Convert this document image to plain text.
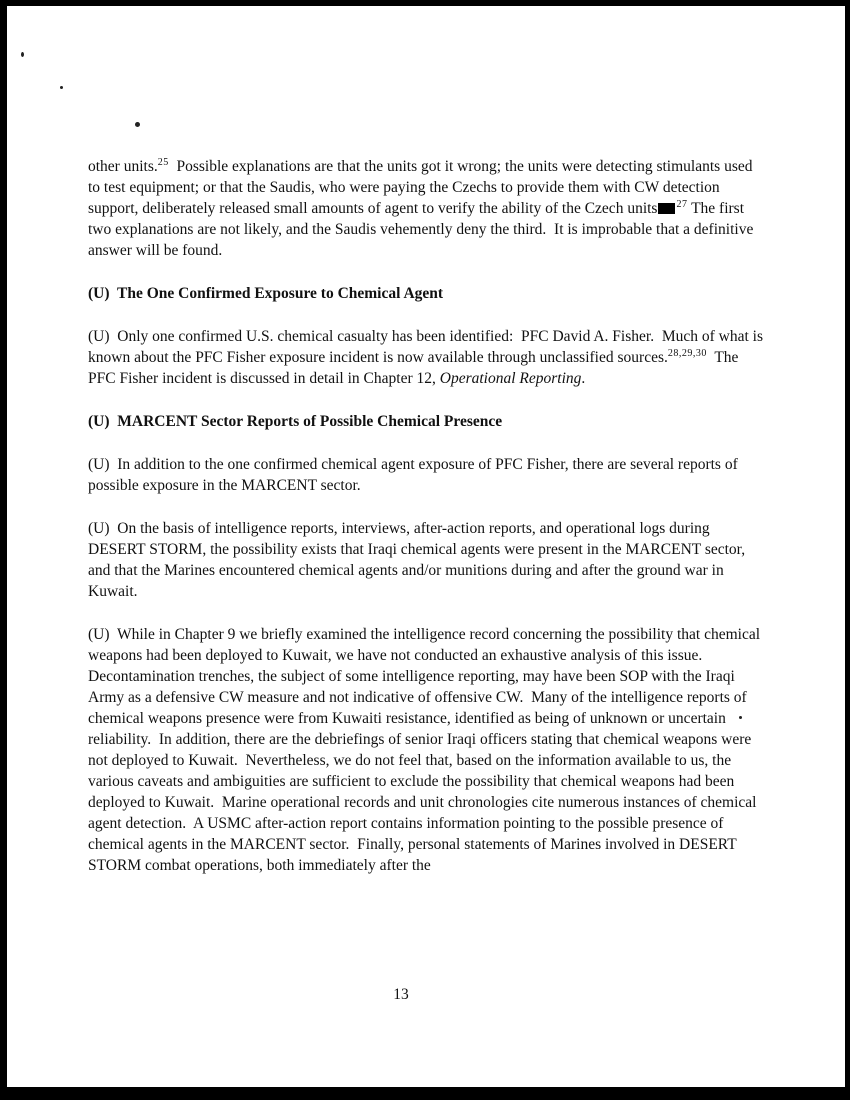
other units.$^{25}$  Possible explanations are that the units got it wrong; the units were detecting stimulants used to test equipment; or that the Saudis, who were paying the Czechs to provide them with CW detection support, deliberately released small amounts of agent to verify the ability of the Czech units $^{27}$ The first two explanations are not likely, and the Saudis vehemently deny the third.  It is improbable that a definitive answer will be found.

(U)  The One Confirmed Exposure to Chemical Agent

(U)  Only one confirmed U.S. chemical casualty has been identified:  PFC David A. Fisher.  Much of what is known about the PFC Fisher exposure incident is now available through unclassified sources.$^{28,29,30}$  The PFC Fisher incident is discussed in detail in Chapter 12, Operational Reporting.

(U)  MARCENT Sector Reports of Possible Chemical Presence

(U)  In addition to the one confirmed chemical agent exposure of PFC Fisher, there are several reports of possible exposure in the MARCENT sector.

(U)  On the basis of intelligence reports, interviews, after-action reports, and operational logs during DESERT STORM, the possibility exists that Iraqi chemical agents were present in the MARCENT sector, and that the Marines encountered chemical agents and/or munitions during and after the ground war in Kuwait.

(U)  While in Chapter 9 we briefly examined the intelligence record concerning the possibility that chemical weapons had been deployed to Kuwait, we have not conducted an exhaustive analysis of this issue.  Decontamination trenches, the subject of some intelligence reporting, may have been SOP with the Iraqi Army as a defensive CW measure and not indicative of offensive CW.  Many of the intelligence reports of chemical weapons presence were from Kuwaiti resistance, identified as being of unknown or uncertain reliability.  In addition, there are the debriefings of senior Iraqi officers stating that chemical weapons were not deployed to Kuwait.  Nevertheless, we do not feel that, based on the information available to us, the various caveats and ambiguities are sufficient to exclude the possibility that chemical weapons had been deployed to Kuwait.  Marine operational records and unit chronologies cite numerous instances of chemical agent detection.  A USMC after-action report contains information pointing to the possible presence of chemical agents in the MARCENT sector.  Finally, personal statements of Marines involved in DESERT STORM combat operations, both immediately after the

13
